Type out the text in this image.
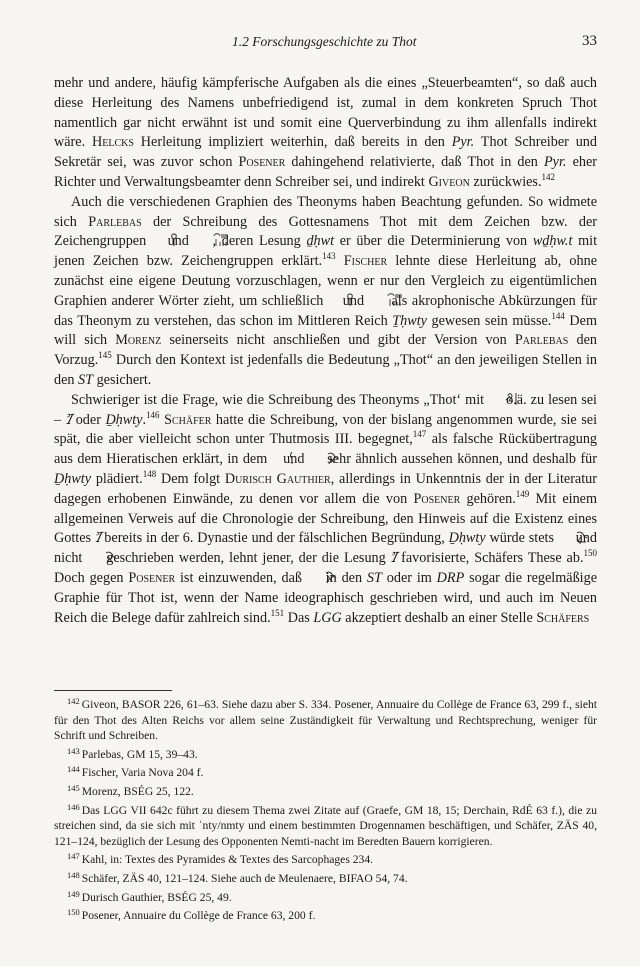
1.2 Forschungsgeschichte zu Thot	33

mehr und andere, häufig kämpferische Aufgaben als die eines „Steuerbeamten“, so daß auch diese Herleitung des Namens unbefriedigend ist, zumal in dem konkreten Spruch Thot namentlich gar nicht erwähnt ist und somit eine Querverbindung zu ihm allenfalls indirekt wäre. Helcks Herleitung impliziert weiterhin, daß bereits in den Pyr. Thot Schreiber und Sekretär sei, was zuvor schon Posener dahingehend relativierte, daß Thot in den Pyr. eher Richter und Verwaltungsbeamter denn Schreiber sei, und indirekt Giveon zurückwies.$^{142}$

Auch die verschiedenen Graphien des Theonyms haben Beachtung gefunden. So widmete sich Parlebas der Schreibung des Gottesnamens Thot mit dem Zeichen bzw. der Zeichengruppen  und , deren Lesung ḏḥwt er über die Determinierung von wḏḥw.t mit jenen Zeichen bzw. Zeichengruppen erklärt.$^{143}$ Fischer lehnte diese Herleitung ab, ohne zunächst eine eigene Deutung vorzuschlagen, wenn er nur den Vergleich zu eigentümlichen Graphien anderer Wörter zieht, um schließlich  und  als akrophonische Abkürzungen für das Theonym zu verstehen, das schon im Mittleren Reich Ṯḥwty gewesen sein müsse.$^{144}$ Dem will sich Morenz seinerseits nicht anschließen und gibt der Version von Parlebas den Vorzug.$^{145}$ Durch den Kontext ist jedenfalls die Bedeutung „Thot“ an den jeweiligen Stellen in den ST gesichert.

Schwieriger ist die Frage, wie die Schreibung des Theonyms „Thot‘ mit  o.ä. zu lesen sei – Ꞽ oder Ḏḥwty.$^{146}$ Schäfer hatte die Schreibung, von der bislang angenommen wurde, sie sei spät, die aber vielleicht schon unter Thutmosis III. begegnet,$^{147}$ als falsche Rückübertragung aus dem Hieratischen erklärt, in dem  und  sehr ähnlich aussehen können, und deshalb für Ḏḥwty plädiert.$^{148}$ Dem folgt Durisch Gauthier, allerdings in Unkenntnis der in der Literatur dagegen erhobenen Einwände, zu denen vor allem die von Posener gehören.$^{149}$ Mit einem allgemeinen Verweis auf die Chronologie der Schreibung, den Hinweis auf die Existenz eines Gottes Ꞽ bereits in der 6. Dynastie und der fälschlichen Begründung, Ḏḥwty würde stets  und nicht  geschrieben werden, lehnt jener, der die Lesung Ꞽ favorisierte, Schäfers These ab.$^{150}$ Doch gegen Posener ist einzuwenden, daß  in den ST oder im DRP sogar die regelmäßige Graphie für Thot ist, wenn der Name ideographisch geschrieben wird, und auch im Neuen Reich die Belege dafür zahlreich sind.$^{151}$ Das LGG akzeptiert deshalb an einer Stelle Schäfers

$^{142}$ Giveon, BASOR 226, 61–63. Siehe dazu aber S. 334. Posener, Annuaire du Collège de France 63, 299 f., sieht für den Thot des Alten Reichs vor allem seine Zuständigkeit für Verwaltung und Rechtsprechung, weniger für Schrift und Schreiben.

$^{143}$ Parlebas, GM 15, 39–43.

$^{144}$ Fischer, Varia Nova 204 f.

$^{145}$ Morenz, BSÉG 25, 122.

$^{146}$ Das LGG VII 642c führt zu diesem Thema zwei Zitate auf (Graefe, GM 18, 15; Derchain, RdÉ 63 f.), die zu streichen sind, da sie sich mit ʿnty/nmty und einem bestimmten Drogennamen beschäftigen, und Schäfer, ZÄS 40, 121–124, bezüglich der Lesung des Opponenten Nemti-nacht im Beredten Bauern korrigieren.

$^{147}$ Kahl, in: Textes des Pyramides & Textes des Sarcophages 234.

$^{148}$ Schäfer, ZÄS 40, 121–124. Siehe auch de Meulenaere, BIFAO 54, 74.

$^{149}$ Durisch Gauthier, BSÉG 25, 49.

$^{150}$ Posener, Annuaire du Collège de France 63, 200 f.
